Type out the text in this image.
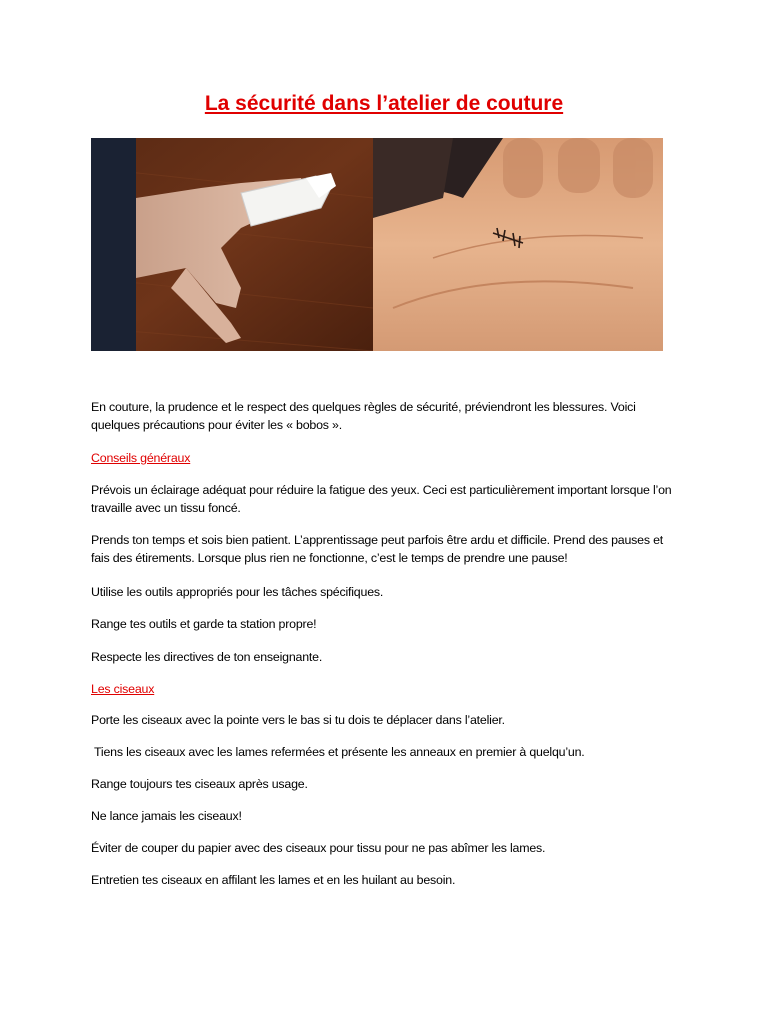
La sécurité dans l’atelier de couture

En couture, la prudence et le respect des quelques règles de sécurité, préviendront les blessures. Voici quelques précautions pour éviter les « bobos ».

Conseils généraux

Prévois un éclairage adéquat pour réduire la fatigue des yeux. Ceci est particulièrement important lorsque l’on travaille avec un tissu foncé.

Prends ton temps et sois bien patient. L’apprentissage peut parfois être ardu et difficile. Prend des pauses et fais des étirements. Lorsque plus rien ne fonctionne, c’est le temps de prendre une pause!

Utilise les outils appropriés pour les tâches spécifiques.

Range tes outils et garde ta station propre!

Respecte les directives de ton enseignante.

Les ciseaux

Porte les ciseaux avec la pointe vers le bas si tu dois te déplacer dans l’atelier.

Tiens les ciseaux avec les lames refermées et présente les anneaux en premier à quelqu’un.

Range toujours tes ciseaux après usage.

Ne lance jamais les ciseaux!

Éviter de couper du papier avec des ciseaux pour tissu pour ne pas abîmer les lames.

Entretien tes ciseaux en affilant les lames et en les huilant au besoin.
